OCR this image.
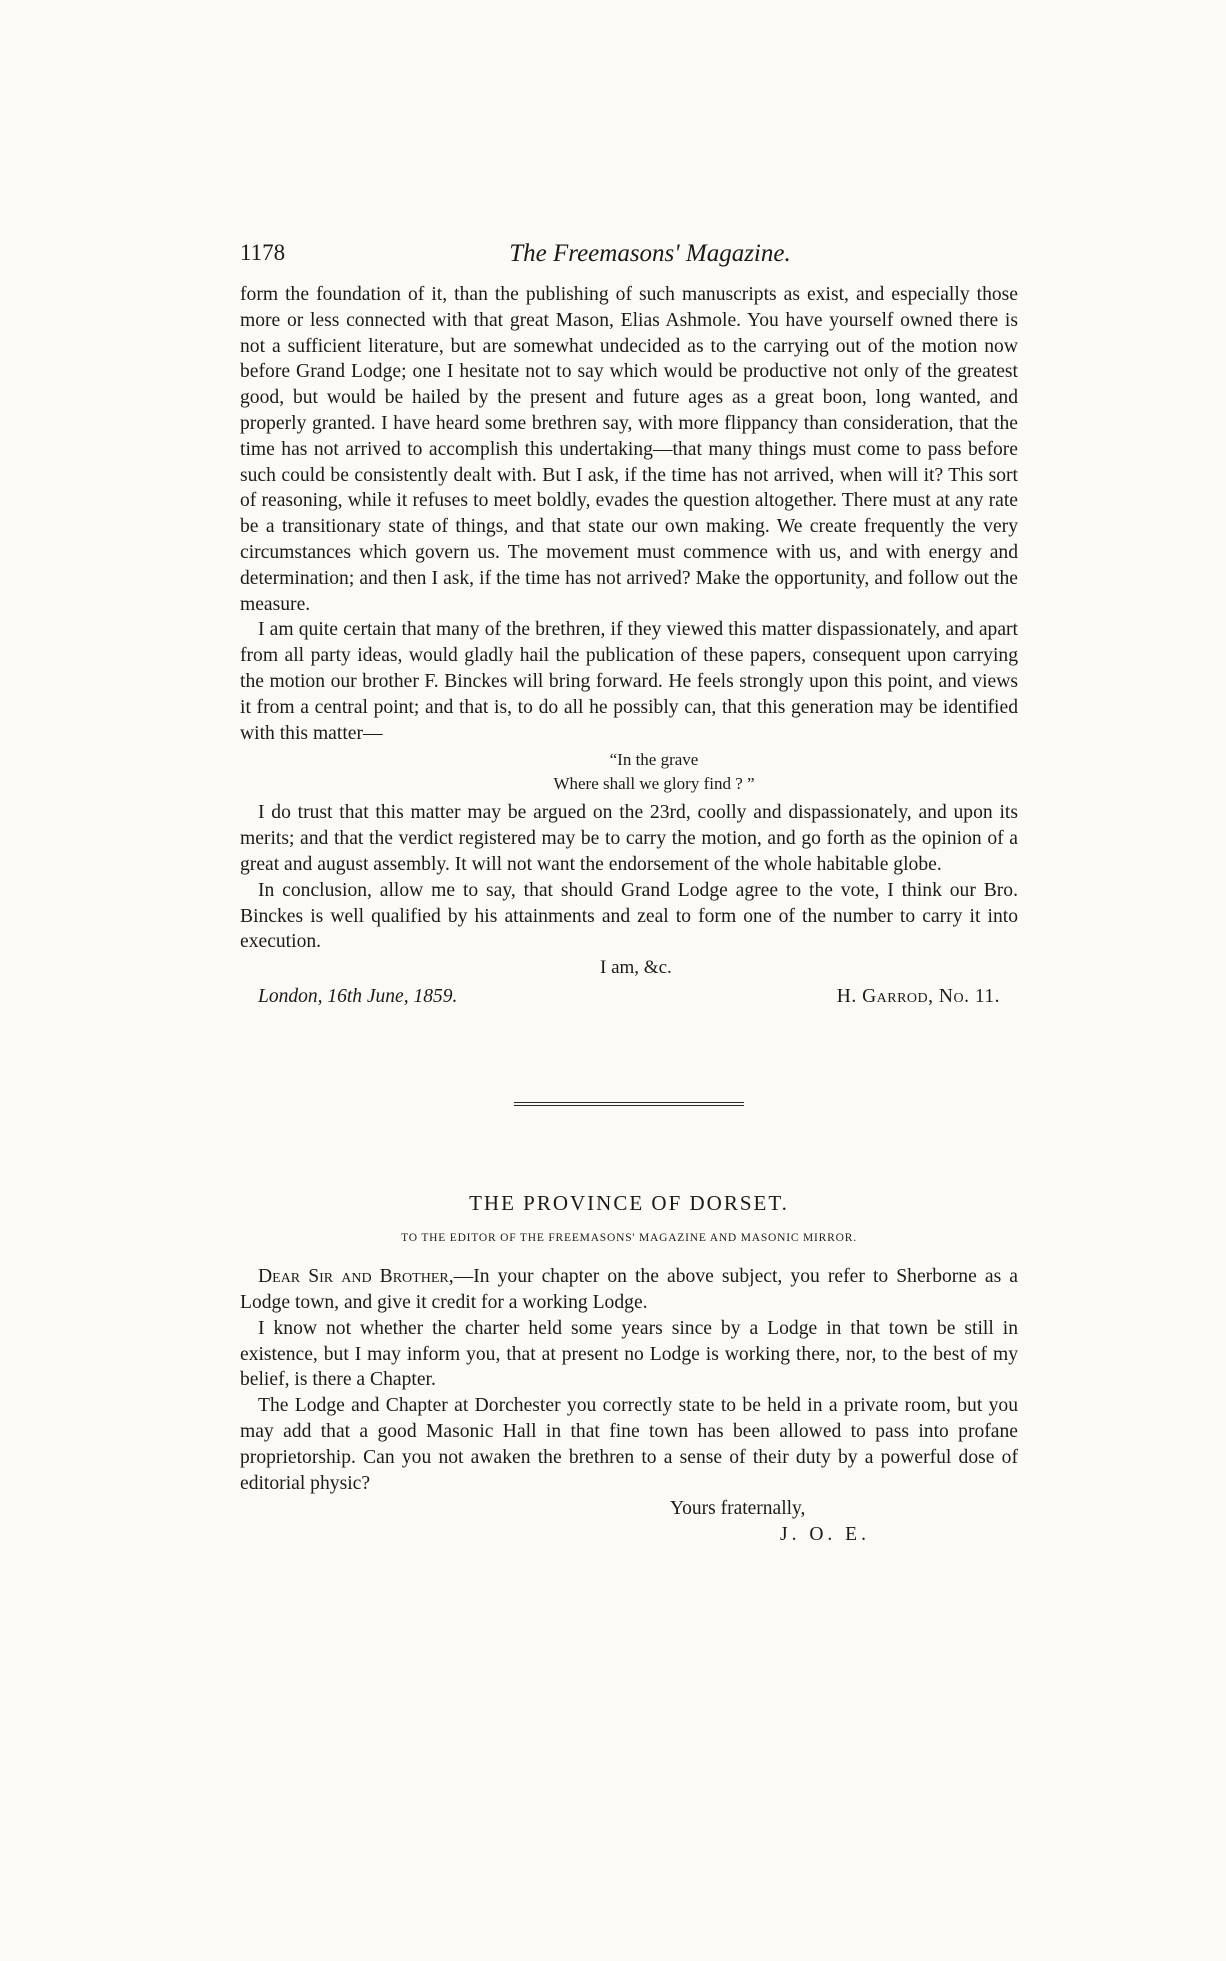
1178	The Freemasons' Magazine.

form the foundation of it, than the publishing of such manuscripts as exist, and especially those more or less connected with that great Mason, Elias Ashmole. You have yourself owned there is not a sufficient literature, but are somewhat undecided as to the carrying out of the motion now before Grand Lodge; one I hesitate not to say which would be productive not only of the greatest good, but would be hailed by the present and future ages as a great boon, long wanted, and properly granted. I have heard some brethren say, with more flippancy than consideration, that the time has not arrived to accomplish this undertaking—that many things must come to pass before such could be consistently dealt with. But I ask, if the time has not arrived, when will it? This sort of reasoning, while it refuses to meet boldly, evades the question altogether. There must at any rate be a transitionary state of things, and that state our own making. We create frequently the very circumstances which govern us. The movement must commence with us, and with energy and determination; and then I ask, if the time has not arrived? Make the opportunity, and follow out the measure.

I am quite certain that many of the brethren, if they viewed this matter dispassionately, and apart from all party ideas, would gladly hail the publication of these papers, consequent upon carrying the motion our brother F. Binckes will bring forward. He feels strongly upon this point, and views it from a central point; and that is, to do all he possibly can, that this generation may be identified with this matter—

“In the grave
Where shall we glory find ? ”

I do trust that this matter may be argued on the 23rd, coolly and dispassionately, and upon its merits; and that the verdict registered may be to carry the motion, and go forth as the opinion of a great and august assembly. It will not want the endorsement of the whole habitable globe.

In conclusion, allow me to say, that should Grand Lodge agree to the vote, I think our Bro. Binckes is well qualified by his attainments and zeal to form one of the number to carry it into execution.

I am, &c.
London, 16th June, 1859.	H. Garrod, No. 11.
THE PROVINCE OF DORSET.
TO THE EDITOR OF THE FREEMASONS' MAGAZINE AND MASONIC MIRROR.

Dear Sir and Brother,—In your chapter on the above subject, you refer to Sherborne as a Lodge town, and give it credit for a working Lodge.

I know not whether the charter held some years since by a Lodge in that town be still in existence, but I may inform you, that at present no Lodge is working there, nor, to the best of my belief, is there a Chapter.

The Lodge and Chapter at Dorchester you correctly state to be held in a private room, but you may add that a good Masonic Hall in that fine town has been allowed to pass into profane proprietorship. Can you not awaken the brethren to a sense of their duty by a powerful dose of editorial physic?

Yours fraternally,
J. O. E.
